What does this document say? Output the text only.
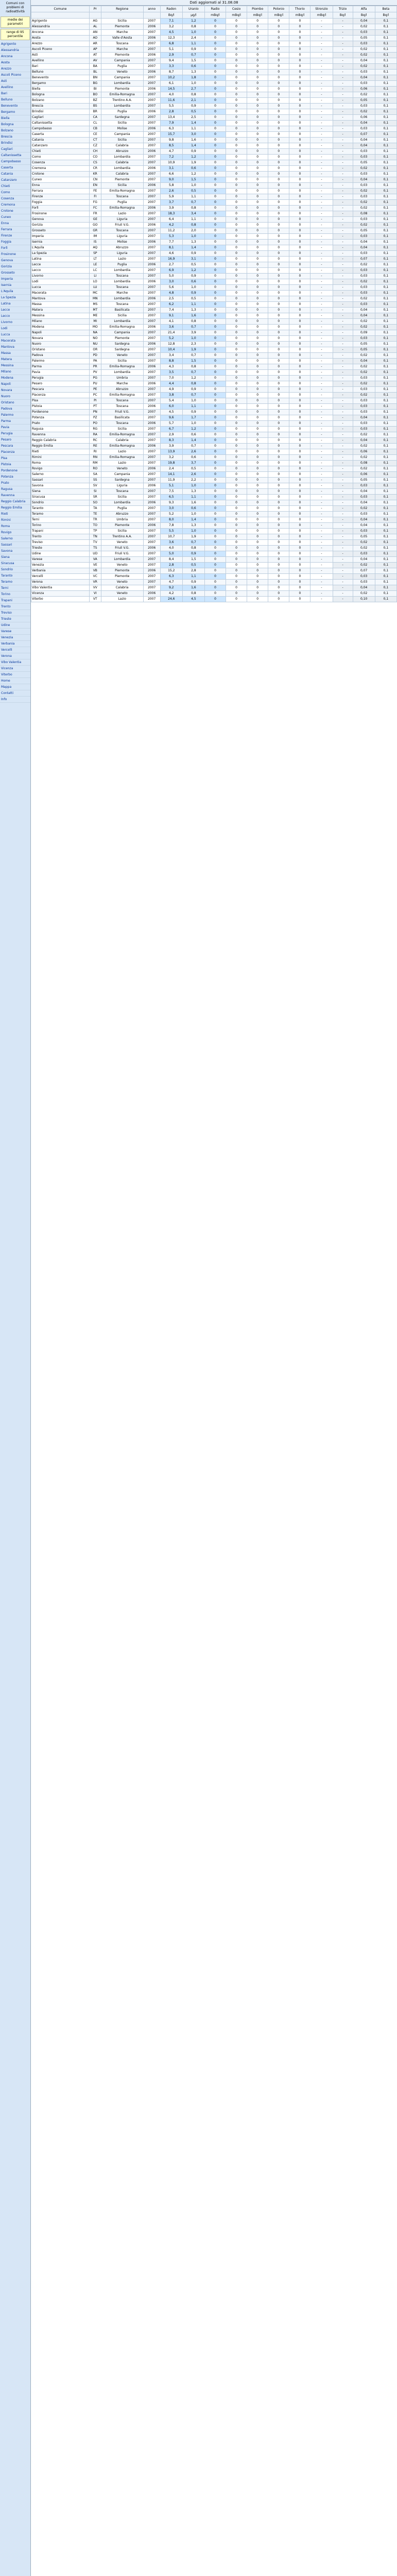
Comuni con problemi di radioattività
medie dei parametri
range di 95 percentile
Agrigento
Alessandria
Ancona
Aosta
Arezzo
Ascoli Piceno
Asti
Avellino
Bari
Belluno
Benevento
Bergamo
Biella
Bologna
Bolzano
Brescia
Brindisi
Cagliari
Caltanissetta
Campobasso
Caserta
Catania
Catanzaro
Chieti
Como
Cosenza
Cremona
Crotone
Cuneo
Enna
Ferrara
Firenze
Foggia
Forlì
Frosinone
Genova
Gorizia
Grosseto
Imperia
Isernia
L'Aquila
La Spezia
Latina
Lecce
Lecco
Livorno
Lodi
Lucca
Macerata
Mantova
Massa
Matera
Messina
Milano
Modena
Napoli
Novara
Nuoro
Oristano
Padova
Palermo
Parma
Pavia
Perugia
Pesaro
Pescara
Piacenza
Pisa
Pistoia
Pordenone
Potenza
Prato
Ragusa
Ravenna
Reggio Calabria
Reggio Emilia
Rieti
Rimini
Roma
Rovigo
Salerno
Sassari
Savona
Siena
Siracusa
Sondrio
Taranto
Teramo
Terni
Torino
Trapani
Trento
Treviso
Trieste
Udine
Varese
Venezia
Verbania
Vercelli
Verona
Vibo Valentia
Vicenza
Viterbo
Home
Mappa
Contatti
Info
Dati aggiornati al 31.08.08
Comune	Pr	Regione	anno	Radon	Uranio	Radio	Cesio	Piombo	Polonio	Thorio	Stronzio	Trizio	Alfa	Beta
				Bq/l	µg/l	mBq/l	mBq/l	mBq/l	mBq/l	mBq/l	mBq/l	Bq/l	Bq/l	Bq/l
Agrigento	AG	Sicilia	2007	7,1	1,2	0	0	0	0	0	-	-	0,04	0,1
Alessandria	AL	Piemonte	2006	3,2	0,8	0	0	0	0	0	-	-	0,02	0,1
Ancona	AN	Marche	2007	4,5	1,0	0	0	0	0	0	-	-	0,03	0,1
Aosta	AO	Valle d'Aosta	2006	12,3	2,4	0	0	0	0	0	-	-	0,05	0,1
Arezzo	AR	Toscana	2007	6,8	1,1	0	0	0	0	0	-	-	0,03	0,1
Ascoli Piceno	AP	Marche	2007	5,1	0,9	0	0	0	0	0	-	-	0,02	0,1
Asti	AT	Piemonte	2006	2,9	0,7	0	0	0	0	0	-	-	0,02	0,1
Avellino	AV	Campania	2007	9,4	1,5	0	0	0	0	0	-	-	0,04	0,1
Bari	BA	Puglia	2007	3,3	0,6	0	0	0	0	0	-	-	0,02	0,1
Belluno	BL	Veneto	2006	8,7	1,3	0	0	0	0	0	-	-	0,03	0,1
Benevento	BN	Campania	2007	10,2	1,8	0	0	0	0	0	-	-	0,04	0,1
Bergamo	BG	Lombardia	2007	6,1	1,0	0	0	0	0	0	-	-	0,03	0,1
Biella	BI	Piemonte	2006	14,5	2,7	0	0	0	0	0	-	-	0,06	0,1
Bologna	BO	Emilia-Romagna	2007	4,0	0,8	0	0	0	0	0	-	-	0,02	0,1
Bolzano	BZ	Trentino A.A.	2007	11,6	2,1	0	0	0	0	0	-	-	0,05	0,1
Brescia	BS	Lombardia	2007	5,5	0,9	0	0	0	0	0	-	-	0,03	0,1
Brindisi	BR	Puglia	2006	2,8	0,5	0	0	0	0	0	-	-	0,02	0,1
Cagliari	CA	Sardegna	2007	13,4	2,5	0	0	0	0	0	-	-	0,06	0,1
Caltanissetta	CL	Sicilia	2007	7,9	1,4	0	0	0	0	0	-	-	0,04	0,1
Campobasso	CB	Molise	2006	6,3	1,1	0	0	0	0	0	-	-	0,03	0,1
Caserta	CE	Campania	2007	15,7	3,0	0	0	0	0	0	-	-	0,07	0,1
Catania	CT	Sicilia	2007	9,8	1,6	0	0	0	0	0	-	-	0,04	0,1
Catanzaro	CZ	Calabria	2007	8,5	1,4	0	0	0	0	0	-	-	0,04	0,1
Chieti	CH	Abruzzo	2006	4,7	0,9	0	0	0	0	0	-	-	0,03	0,1
Como	CO	Lombardia	2007	7,2	1,2	0	0	0	0	0	-	-	0,03	0,1
Cosenza	CS	Calabria	2007	10,9	1,9	0	0	0	0	0	-	-	0,05	0,1
Cremona	CR	Lombardia	2006	3,1	0,6	0	0	0	0	0	-	-	0,02	0,1
Crotone	KR	Calabria	2007	6,6	1,2	0	0	0	0	0	-	-	0,03	0,1
Cuneo	CN	Piemonte	2007	9,0	1,5	0	0	0	0	0	-	-	0,04	0,1
Enna	EN	Sicilia	2006	5,8	1,0	0	0	0	0	0	-	-	0,03	0,1
Ferrara	FE	Emilia-Romagna	2007	2,6	0,5	0	0	0	0	0	-	-	0,02	0,1
Firenze	FI	Toscana	2007	5,9	1,1	0	0	0	0	0	-	-	0,03	0,1
Foggia	FG	Puglia	2007	3,7	0,7	0	0	0	0	0	-	-	0,02	0,1
Forlì	FC	Emilia-Romagna	2006	3,9	0,8	0	0	0	0	0	-	-	0,02	0,1
Frosinone	FR	Lazio	2007	18,3	3,4	0	0	0	0	0	-	-	0,08	0,1
Genova	GE	Liguria	2007	6,4	1,1	0	0	0	0	0	-	-	0,03	0,1
Gorizia	GO	Friuli V.G.	2006	4,2	0,8	0	0	0	0	0	-	-	0,02	0,1
Grosseto	GR	Toscana	2007	11,2	2,0	0	0	0	0	0	-	-	0,05	0,1
Imperia	IM	Liguria	2007	5,3	1,0	0	0	0	0	0	-	-	0,03	0,1
Isernia	IS	Molise	2006	7,7	1,3	0	0	0	0	0	-	-	0,04	0,1
L'Aquila	AQ	Abruzzo	2007	8,1	1,4	0	0	0	0	0	-	-	0,04	0,1
La Spezia	SP	Liguria	2007	4,6	0,9	0	0	0	0	0	-	-	0,03	0,1
Latina	LT	Lazio	2007	16,9	3,1	0	0	0	0	0	-	-	0,07	0,1
Lecce	LE	Puglia	2006	2,7	0,5	0	0	0	0	0	-	-	0,02	0,1
Lecco	LC	Lombardia	2007	6,9	1,2	0	0	0	0	0	-	-	0,03	0,1
Livorno	LI	Toscana	2007	5,0	0,9	0	0	0	0	0	-	-	0,03	0,1
Lodi	LO	Lombardia	2006	3,0	0,6	0	0	0	0	0	-	-	0,02	0,1
Lucca	LU	Toscana	2007	5,6	1,0	0	0	0	0	0	-	-	0,03	0,1
Macerata	MC	Marche	2007	4,8	0,9	0	0	0	0	0	-	-	0,03	0,1
Mantova	MN	Lombardia	2006	2,5	0,5	0	0	0	0	0	-	-	0,02	0,1
Massa	MS	Toscana	2007	6,2	1,1	0	0	0	0	0	-	-	0,03	0,1
Matera	MT	Basilicata	2007	7,4	1,3	0	0	0	0	0	-	-	0,04	0,1
Messina	ME	Sicilia	2007	9,1	1,6	0	0	0	0	0	-	-	0,04	0,1
Milano	MI	Lombardia	2007	4,1	0,8	0	0	0	0	0	-	-	0,02	0,1
Modena	MO	Emilia-Romagna	2006	3,6	0,7	0	0	0	0	0	-	-	0,02	0,1
Napoli	NA	Campania	2007	21,4	3,9	0	0	0	0	0	-	-	0,09	0,1
Novara	NO	Piemonte	2007	5,2	1,0	0	0	0	0	0	-	-	0,03	0,1
Nuoro	NU	Sardegna	2006	12,8	2,3	0	0	0	0	0	-	-	0,05	0,1
Oristano	OR	Sardegna	2007	10,4	1,9	0	0	0	0	0	-	-	0,05	0,1
Padova	PD	Veneto	2007	3,4	0,7	0	0	0	0	0	-	-	0,02	0,1
Palermo	PA	Sicilia	2007	8,8	1,5	0	0	0	0	0	-	-	0,04	0,1
Parma	PR	Emilia-Romagna	2006	4,3	0,8	0	0	0	0	0	-	-	0,02	0,1
Pavia	PV	Lombardia	2007	3,5	0,7	0	0	0	0	0	-	-	0,02	0,1
Perugia	PG	Umbria	2007	7,0	1,2	0	0	0	0	0	-	-	0,03	0,1
Pesaro	PU	Marche	2006	4,4	0,8	0	0	0	0	0	-	-	0,02	0,1
Pescara	PE	Abruzzo	2007	4,9	0,9	0	0	0	0	0	-	-	0,03	0,1
Piacenza	PC	Emilia-Romagna	2007	3,8	0,7	0	0	0	0	0	-	-	0,02	0,1
Pisa	PI	Toscana	2007	5,4	1,0	0	0	0	0	0	-	-	0,03	0,1
Pistoia	PT	Toscana	2006	6,0	1,1	0	0	0	0	0	-	-	0,03	0,1
Pordenone	PN	Friuli V.G.	2007	4,5	0,9	0	0	0	0	0	-	-	0,03	0,1
Potenza	PZ	Basilicata	2007	9,6	1,7	0	0	0	0	0	-	-	0,04	0,1
Prato	PO	Toscana	2006	5,7	1,0	0	0	0	0	0	-	-	0,03	0,1
Ragusa	RG	Sicilia	2007	6,7	1,2	0	0	0	0	0	-	-	0,03	0,1
Ravenna	RA	Emilia-Romagna	2007	2,9	0,6	0	0	0	0	0	-	-	0,02	0,1
Reggio Calabria	RC	Calabria	2007	8,3	1,4	0	0	0	0	0	-	-	0,04	0,1
Reggio Emilia	RE	Emilia-Romagna	2006	3,9	0,7	0	0	0	0	0	-	-	0,02	0,1
Rieti	RI	Lazio	2007	13,9	2,6	0	0	0	0	0	-	-	0,06	0,1
Rimini	RN	Emilia-Romagna	2007	3,2	0,6	0	0	0	0	0	-	-	0,02	0,1
Roma	RM	Lazio	2007	19,8	3,7	0	0	0	0	0	-	-	0,08	0,1
Rovigo	RO	Veneto	2006	2,4	0,5	0	0	0	0	0	-	-	0,02	0,1
Salerno	SA	Campania	2007	14,1	2,6	0	0	0	0	0	-	-	0,06	0,1
Sassari	SS	Sardegna	2007	11,9	2,2	0	0	0	0	0	-	-	0,05	0,1
Savona	SV	Liguria	2006	5,1	1,0	0	0	0	0	0	-	-	0,03	0,1
Siena	SI	Toscana	2007	7,5	1,3	0	0	0	0	0	-	-	0,04	0,1
Siracusa	SR	Sicilia	2007	6,5	1,1	0	0	0	0	0	-	-	0,03	0,1
Sondrio	SO	Lombardia	2006	9,3	1,6	0	0	0	0	0	-	-	0,04	0,1
Taranto	TA	Puglia	2007	3,0	0,6	0	0	0	0	0	-	-	0,02	0,1
Teramo	TE	Abruzzo	2007	5,2	1,0	0	0	0	0	0	-	-	0,03	0,1
Terni	TR	Umbria	2007	8,0	1,4	0	0	0	0	0	-	-	0,04	0,1
Torino	TO	Piemonte	2006	7,8	1,3	0	0	0	0	0	-	-	0,04	0,1
Trapani	TP	Sicilia	2007	5,5	1,0	0	0	0	0	0	-	-	0,03	0,1
Trento	TN	Trentino A.A.	2007	10,7	1,9	0	0	0	0	0	-	-	0,05	0,1
Treviso	TV	Veneto	2007	3,6	0,7	0	0	0	0	0	-	-	0,02	0,1
Trieste	TS	Friuli V.G.	2006	4,0	0,8	0	0	0	0	0	-	-	0,02	0,1
Udine	UD	Friuli V.G.	2007	5,0	0,9	0	0	0	0	0	-	-	0,03	0,1
Varese	VA	Lombardia	2007	8,4	1,5	0	0	0	0	0	-	-	0,04	0,1
Venezia	VE	Veneto	2007	2,8	0,5	0	0	0	0	0	-	-	0,02	0,1
Verbania	VB	Piemonte	2006	15,2	2,8	0	0	0	0	0	-	-	0,07	0,1
Vercelli	VC	Piemonte	2007	6,3	1,1	0	0	0	0	0	-	-	0,03	0,1
Verona	VR	Veneto	2007	4,7	0,9	0	0	0	0	0	-	-	0,03	0,1
Vibo Valentia	VV	Calabria	2007	9,2	1,6	0	0	0	0	0	-	-	0,04	0,1
Vicenza	VI	Veneto	2006	4,2	0,8	0	0	0	0	0	-	-	0,02	0,1
Viterbo	VT	Lazio	2007	24,6	4,5	0	0	0	0	0	-	-	0,10	0,1
